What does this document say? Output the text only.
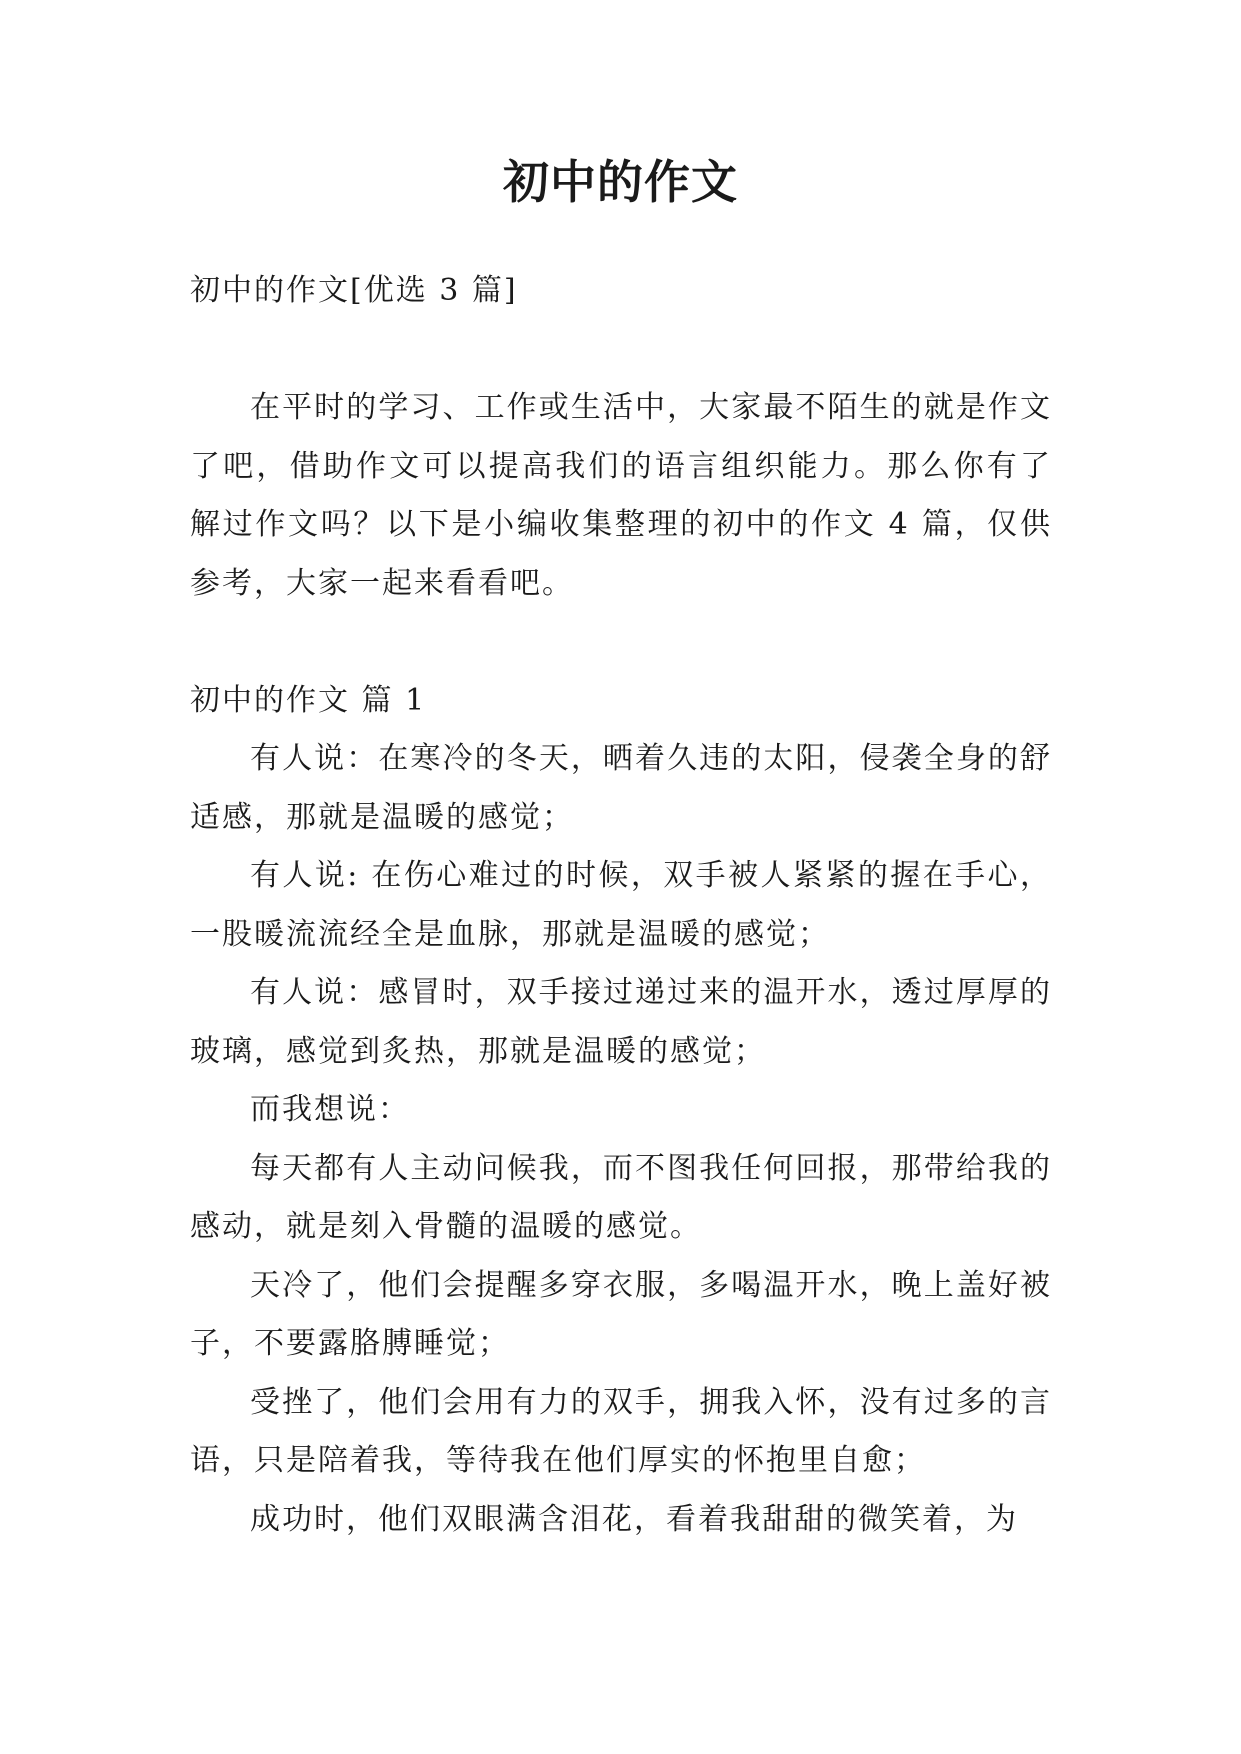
初中的作文

初中的作文[优选 3 篇]

在平时的学习、工作或生活中，大家最不陌生的就是作文了吧，借助作文可以提高我们的语言组织能力。那么你有了解过作文吗？以下是小编收集整理的初中的作文 4 篇，仅供参考，大家一起来看看吧。

初中的作文 篇 1

有人说：在寒冷的冬天，晒着久违的太阳，侵袭全身的舒适感，那就是温暖的感觉；

有人说: 在伤心难过的时候，双手被人紧紧的握在手心，一股暖流流经全是血脉，那就是温暖的感觉；

有人说：感冒时，双手接过递过来的温开水，透过厚厚的玻璃，感觉到炙热，那就是温暖的感觉；

而我想说：

每天都有人主动问候我，而不图我任何回报，那带给我的感动，就是刻入骨髓的温暖的感觉。

天冷了，他们会提醒多穿衣服，多喝温开水，晚上盖好被子，不要露胳膊睡觉；

受挫了，他们会用有力的双手，拥我入怀，没有过多的言语，只是陪着我，等待我在他们厚实的怀抱里自愈；

成功时，他们双眼满含泪花，看着我甜甜的微笑着，为
